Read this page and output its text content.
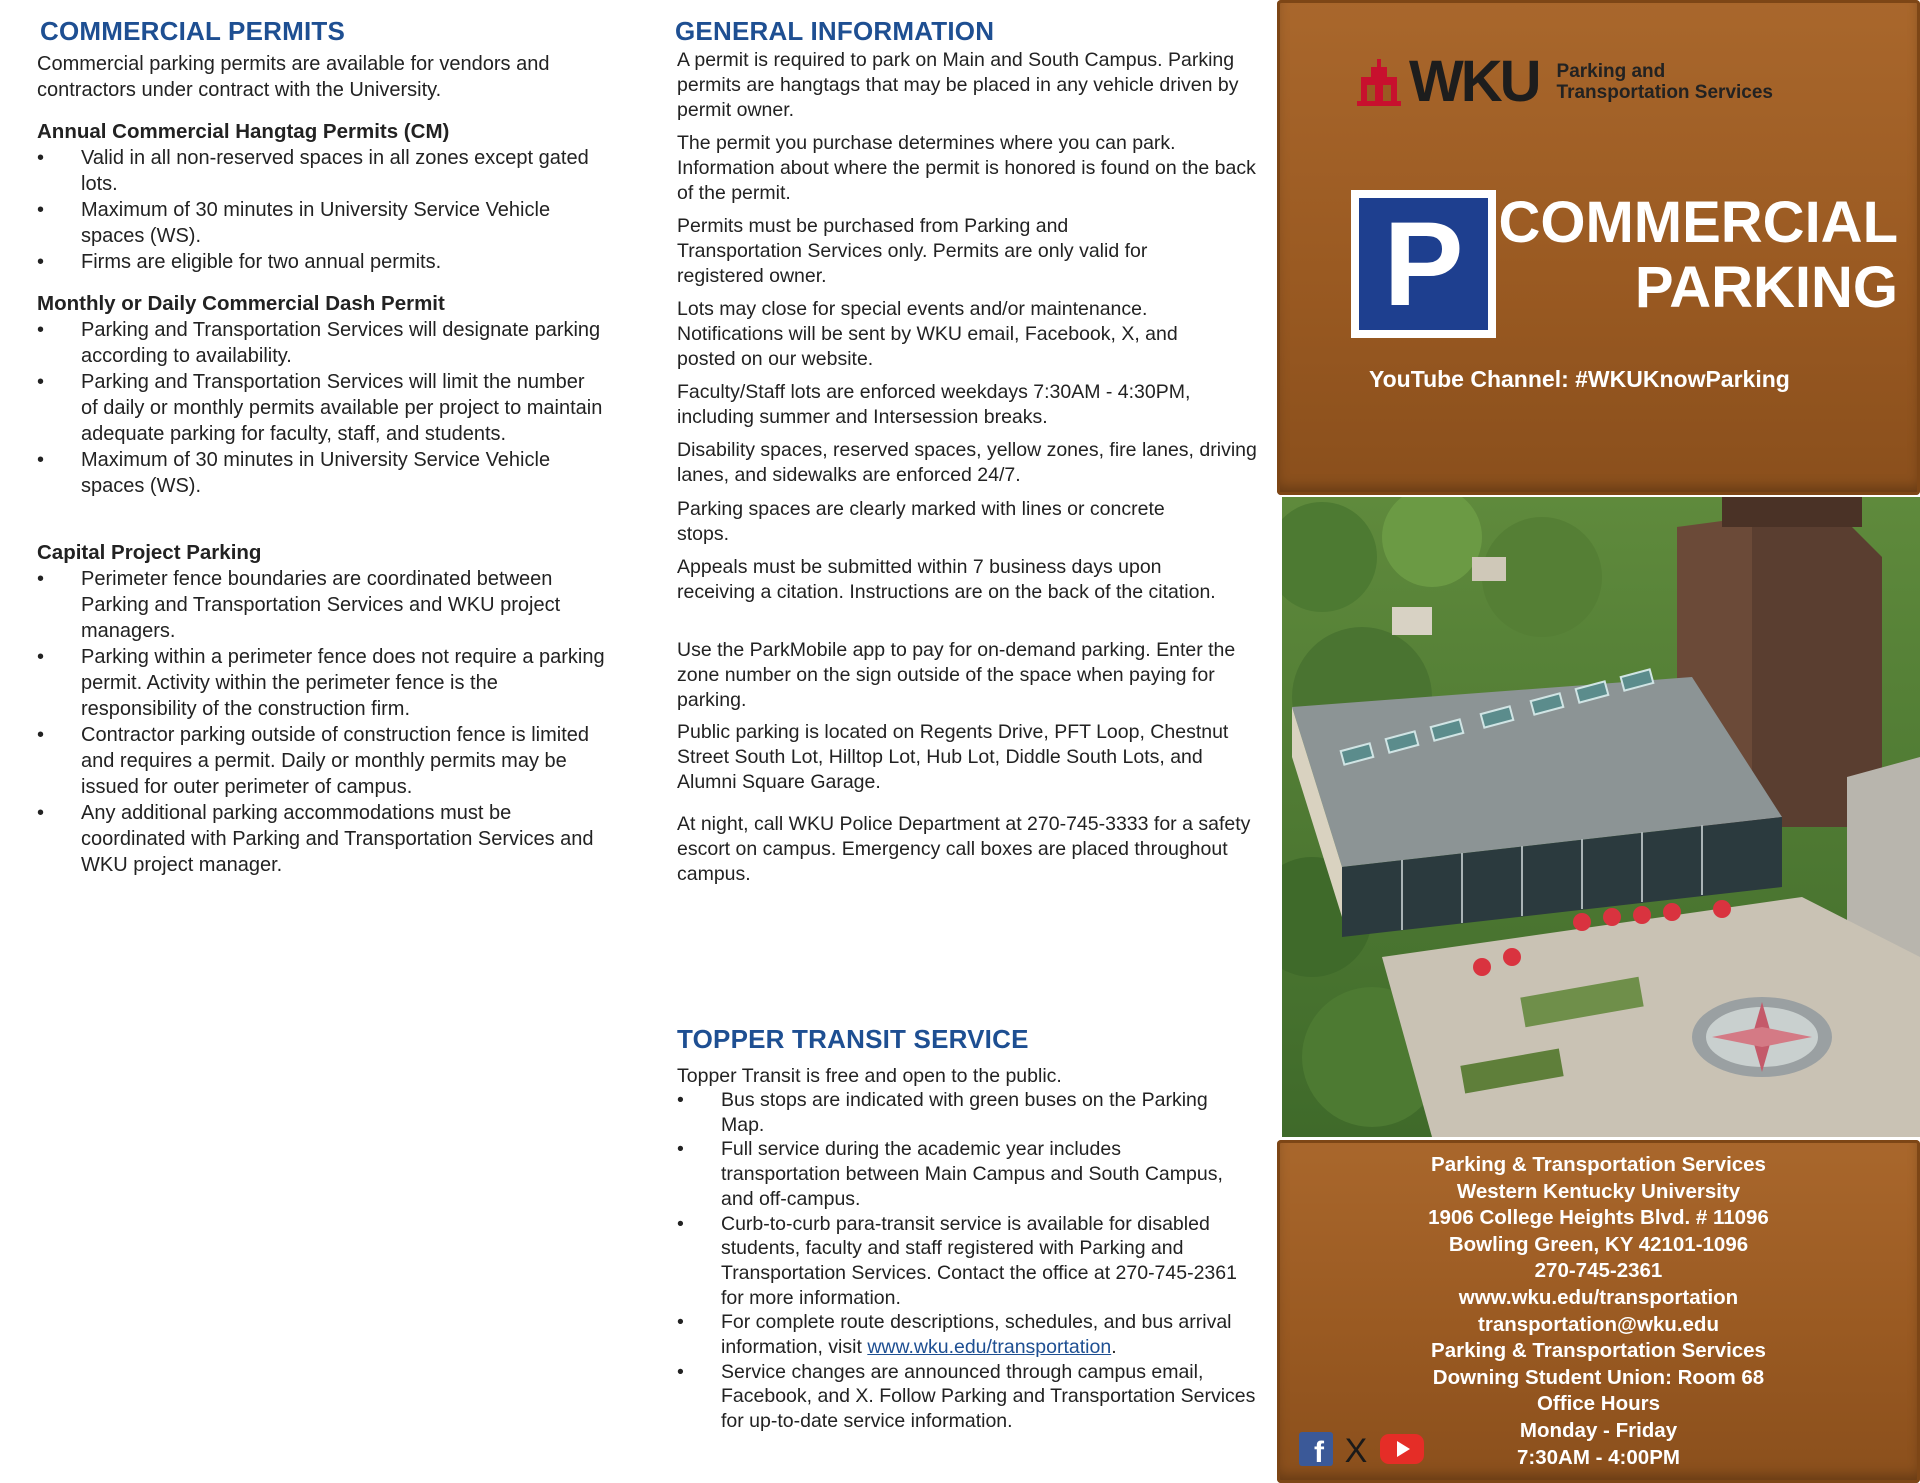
COMMERCIAL PERMITS

Commercial parking permits are available for vendors and contractors under contract with the University.

Annual Commercial Hangtag Permits (CM)

• Valid in all non-reserved spaces in all zones except gated lots.
• Maximum of 30 minutes in University Service Vehicle spaces (WS).
• Firms are eligible for two annual permits.

Monthly or Daily Commercial Dash Permit

• Parking and Transportation Services will designate parking according to availability.
• Parking and Transportation Services will limit the number of daily or monthly permits available per project to maintain adequate parking for faculty, staff, and students.
• Maximum of 30 minutes in University Service Vehicle spaces (WS).

Capital Project Parking

• Perimeter fence boundaries are coordinated between Parking and Transportation Services and WKU project managers.
• Parking within a perimeter fence does not require a parking permit. Activity within the perimeter fence is the responsibility of the construction firm.
• Contractor parking outside of construction fence is limited and requires a permit. Daily or monthly permits may be issued for outer perimeter of campus.
• Any additional parking accommodations must be coordinated with Parking and Transportation Services and WKU project manager.
GENERAL INFORMATION

A permit is required to park on Main and South Campus. Parking permits are hangtags that may be placed in any vehicle driven by permit owner.

The permit you purchase determines where you can park. Information about where the permit is honored is found on the back of the permit.

Permits must be purchased from Parking and Transportation Services only. Permits are only valid for registered owner.

Lots may close for special events and/or maintenance. Notifications will be sent by WKU email, Facebook, X, and posted on our website.

Faculty/Staff lots are enforced weekdays 7:30AM - 4:30PM, including summer and Intersession breaks.

Disability spaces, reserved spaces, yellow zones, fire lanes, driving lanes, and sidewalks are enforced 24/7.

Parking spaces are clearly marked with lines or concrete stops.

Appeals must be submitted within 7 business days upon receiving a citation. Instructions are on the back of the citation.

Use the ParkMobile app to pay for on-demand parking. Enter the zone number on the sign outside of the space when paying for parking.

Public parking is located on Regents Drive, PFT Loop, Chestnut Street South Lot, Hilltop Lot, Hub Lot, Diddle South Lots, and Alumni Square Garage.

At night, call WKU Police Department at 270-745-3333 for a safety escort on campus. Emergency call boxes are placed throughout campus.

TOPPER TRANSIT SERVICE

Topper Transit is free and open to the public.

• Bus stops are indicated with green buses on the Parking Map.
• Full service during the academic year includes transportation between Main Campus and South Campus, and off-campus.
• Curb-to-curb para-transit service is available for disabled students, faculty and staff registered with Parking and Transportation Services. Contact the office at 270-745-2361 for more information.
• For complete route descriptions, schedules, and bus arrival information, visit www.wku.edu/transportation.
• Service changes are announced through campus email, Facebook, and X. Follow Parking and Transportation Services for up-to-date service information.
WKU Parking and
Transportation Services
P COMMERCIAL
PARKING
YouTube Channel: #WKUKnowParking
Parking & Transportation Services
Western Kentucky University
1906 College Heights Blvd. # 11096
Bowling Green, KY 42101-1096
270-745-2361
www.wku.edu/transportation
transportation@wku.edu
Parking & Transportation Services
Downing Student Union: Room 68
Office Hours
Monday - Friday
7:30AM - 4:00PM
f X
